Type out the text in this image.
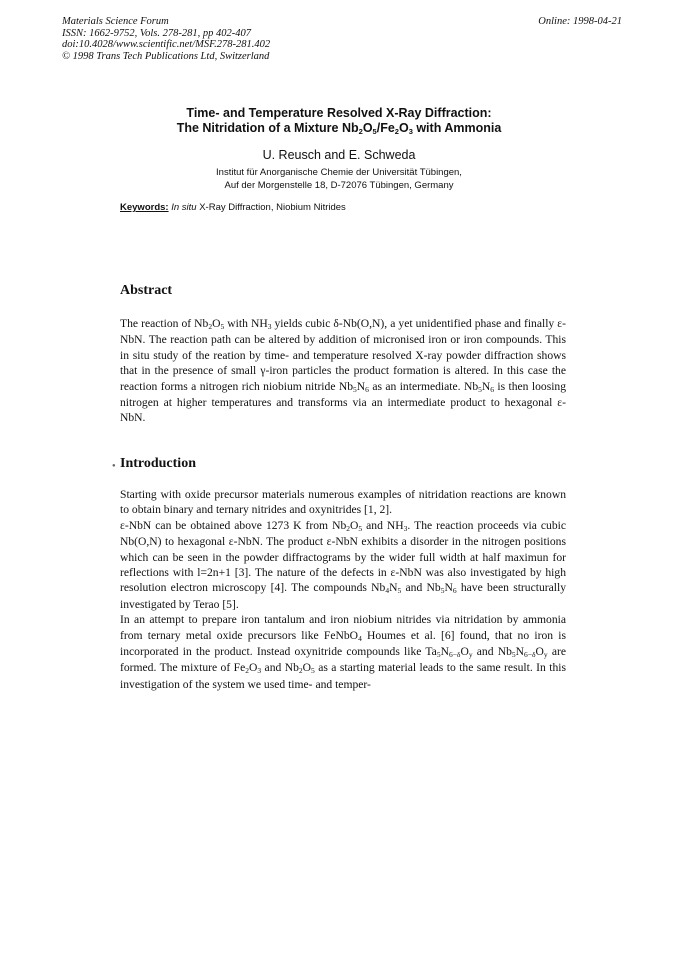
Materials Science Forum
ISSN: 1662-9752, Vols. 278-281, pp 402-407
doi:10.4028/www.scientific.net/MSF.278-281.402
© 1998 Trans Tech Publications Ltd, Switzerland
Online: 1998-04-21
Time- and Temperature Resolved X-Ray Diffraction:
The Nitridation of a Mixture $Nb_2O_5/Fe_2O_3$ with Ammonia
U. Reusch and E. Schweda
Institut für Anorganische Chemie der Universität Tübingen,
Auf der Morgenstelle 18, D-72076 Tübingen, Germany
Keywords: In situ X-Ray Diffraction, Niobium Nitrides
Abstract

The reaction of $Nb_2O_5$ with $NH_3$ yields cubic δ-Nb(O,N), a yet unidentified phase and finally ε-NbN. The reaction path can be altered by addition of micronised iron or iron compounds. This in situ study of the reation by time- and temperature resolved X-ray powder diffraction shows that in the presence of small γ-iron particles the product formation is altered. In this case the reaction forms a nitrogen rich niobium nitride $Nb_5N_6$ as an intermediate. $Nb_5N_6$ is then loosing nitrogen at higher temperatures and transforms via an intermediate product to hexagonal ε-NbN.

● Introduction

Starting with oxide precursor materials numerous examples of nitridation reactions are known to obtain binary and ternary nitrides and oxynitrides [1, 2].

ε-NbN can be obtained above 1273 K from $Nb_2O_5$ and $NH_3$. The reaction proceeds via cubic Nb(O,N) to hexagonal ε-NbN. The product ε-NbN exhibits a disorder in the nitrogen positions which can be seen in the powder diffractograms by the wider full width at half maximun for reflections with l=2n+1 [3]. The nature of the defects in ε-NbN was also investigated by high resolution electron microscopy [4]. The compounds $Nb_4N_5$ and $Nb_5N_6$ have been structurally investigated by Terao [5].

In an attempt to prepare iron tantalum and iron niobium nitrides via nitridation by ammonia from ternary metal oxide precursors like FeNbO$_4$ Houmes et al. [6] found, that no iron is incorporated in the product. Instead oxynitride compounds like $Ta_5N_{6-\delta}O_y$ and $Nb_5N_{6-\delta}O_y$ are formed. The mixture of $Fe_2O_3$ and $Nb_2O_5$ as a starting material leads to the same result. In this investigation of the system we used time- and temper-
